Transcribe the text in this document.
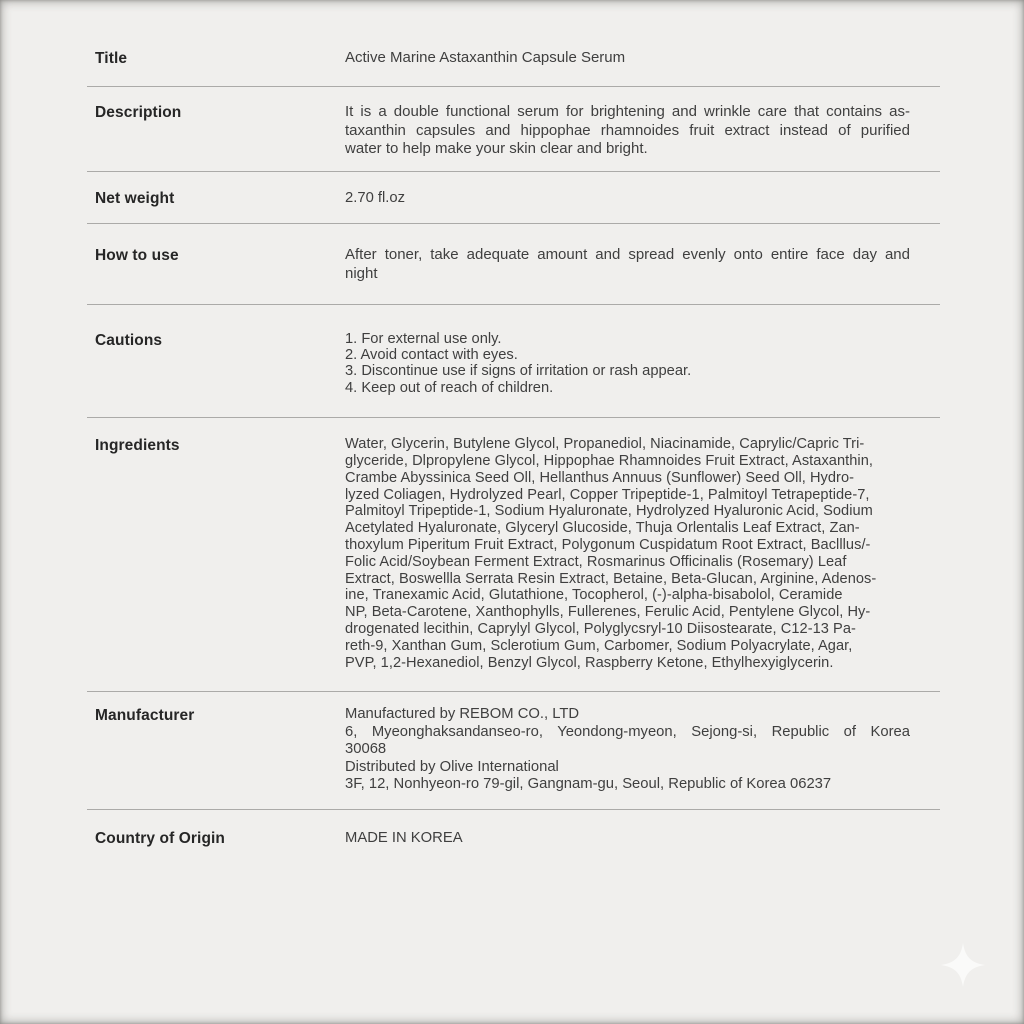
Title	Active Marine Astaxanthin Capsule Serum
Description	It is a double functional serum for brightening and wrinkle care that contains as-
taxanthin capsules and hippophae rhamnoides fruit extract instead of purified
water to help make your skin clear and bright.
Net weight	2.70 fl.oz
How to use	After toner, take adequate amount and spread evenly onto entire face day and
night
Cautions	1. For external use only.
2. Avoid contact with eyes.
3. Discontinue use if signs of irritation or rash appear.
4. Keep out of reach of children.
Ingredients	Water, Glycerin, Butylene Glycol, Propanediol, Niacinamide, Caprylic/Capric Tri-
glyceride, Dlpropylene Glycol, Hippophae Rhamnoides Fruit Extract, Astaxanthin,
Crambe Abyssinica Seed Oll, Hellanthus Annuus (Sunflower) Seed Oll, Hydro-
lyzed Coliagen, Hydrolyzed Pearl, Copper Tripeptide-1, Palmitoyl Tetrapeptide-7,
Palmitoyl Tripeptide-1, Sodium Hyaluronate, Hydrolyzed Hyaluronic Acid, Sodium
Acetylated Hyaluronate, Glyceryl Glucoside, Thuja Orlentalis Leaf Extract, Zan-
thoxylum Piperitum Fruit Extract, Polygonum Cuspidatum Root Extract, Baclllus/-
Folic Acid/Soybean Ferment Extract, Rosmarinus Officinalis (Rosemary) Leaf
Extract, Boswellla Serrata Resin Extract, Betaine, Beta-Glucan, Arginine, Adenos-
ine, Tranexamic Acid, Glutathione, Tocopherol, (-)-alpha-bisabolol, Ceramide
NP, Beta-Carotene, Xanthophylls, Fullerenes, Ferulic Acid, Pentylene Glycol, Hy-
drogenated lecithin, Caprylyl Glycol, Polyglycsryl-10 Diisostearate, C12-13 Pa-
reth-9, Xanthan Gum, Sclerotium Gum, Carbomer, Sodium Polyacrylate, Agar,
PVP, 1,2-Hexanediol, Benzyl Glycol, Raspberry Ketone, Ethylhexyiglycerin.
Manufacturer	Manufactured by REBOM CO., LTD
6, Myeonghaksandanseo-ro, Yeondong-myeon, Sejong-si, Republic of Korea
30068
Distributed by Olive International
3F, 12, Nonhyeon-ro 79-gil, Gangnam-gu, Seoul, Republic of Korea 06237
Country of Origin	MADE IN KOREA
